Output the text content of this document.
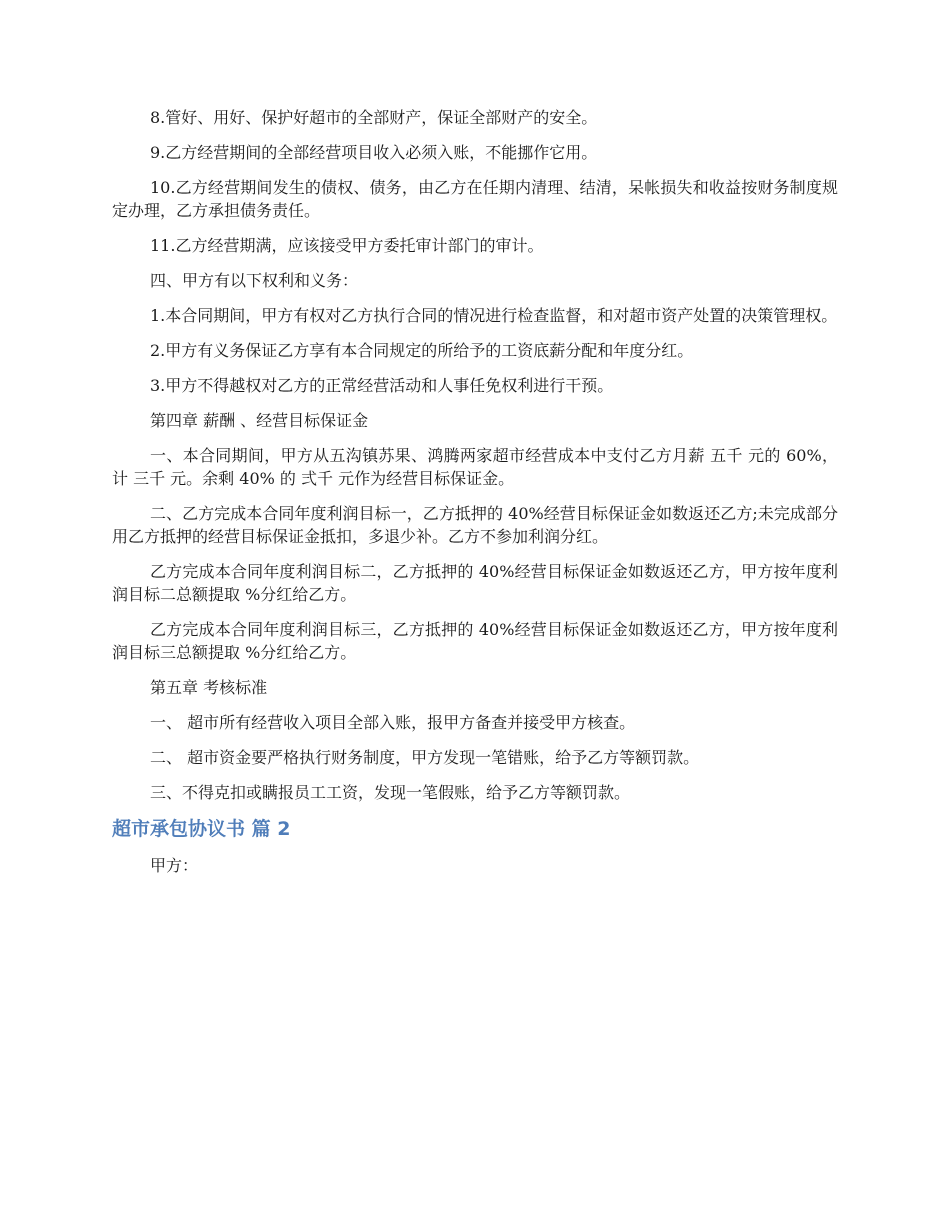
8.管好、用好、保护好超市的全部财产，保证全部财产的安全。

9.乙方经营期间的全部经营项目收入必须入账，不能挪作它用。

10.乙方经营期间发生的债权、债务，由乙方在任期内清理、结清，呆帐损失和收益按财务制度规定办理，乙方承担债务责任。

11.乙方经营期满，应该接受甲方委托审计部门的审计。

四、甲方有以下权利和义务：

1.本合同期间，甲方有权对乙方执行合同的情况进行检查监督，和对超市资产处置的决策管理权。

2.甲方有义务保证乙方享有本合同规定的所给予的工资底薪分配和年度分红。

3.甲方不得越权对乙方的正常经营活动和人事任免权利进行干预。

第四章 薪酬 、经营目标保证金

一、本合同期间，甲方从五沟镇苏果、鸿腾两家超市经营成本中支付乙方月薪 五千 元的 60%，计 三千 元。余剩 40% 的 弍千 元作为经营目标保证金。

二、乙方完成本合同年度利润目标一，乙方抵押的 40%经营目标保证金如数返还乙方;未完成部分用乙方抵押的经营目标保证金抵扣，多退少补。乙方不参加利润分红。

乙方完成本合同年度利润目标二，乙方抵押的 40%经营目标保证金如数返还乙方，甲方按年度利润目标二总额提取 %分红给乙方。

乙方完成本合同年度利润目标三，乙方抵押的 40%经营目标保证金如数返还乙方，甲方按年度利润目标三总额提取 %分红给乙方。

第五章 考核标准

一、 超市所有经营收入项目全部入账，报甲方备查并接受甲方核查。

二、 超市资金要严格执行财务制度，甲方发现一笔错账，给予乙方等额罚款。

三、不得克扣或瞒报员工工资，发现一笔假账，给予乙方等额罚款。

超市承包协议书 篇 2

甲方：
